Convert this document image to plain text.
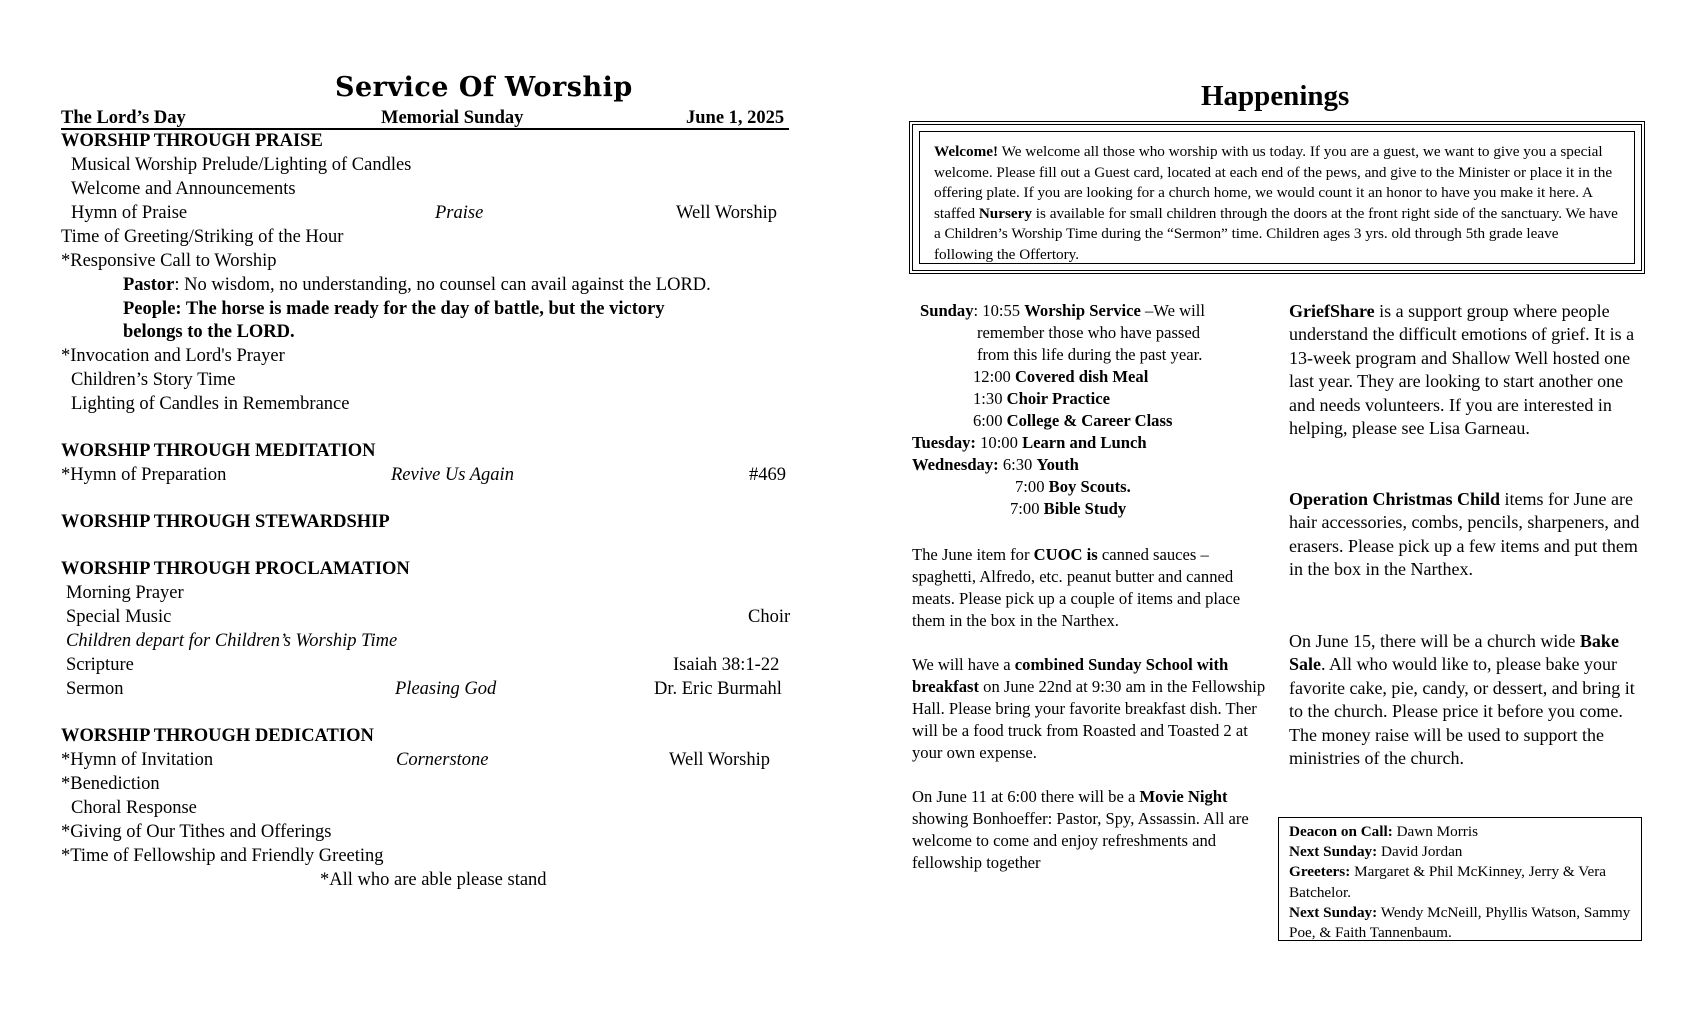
Service Of Worship
The Lord’s Day	Memorial Sunday	June 1, 2025
WORSHIP THROUGH PRAISE
Musical Worship Prelude/Lighting of Candles
Welcome and Announcements
Hymn of Praise	Praise	Well Worship
Time of Greeting/Striking of the Hour
*Responsive Call to Worship
Pastor: No wisdom, no understanding, no counsel can avail against the LORD.
People: The horse is made ready for the day of battle, but the victory
belongs to the LORD.
*Invocation and Lord's Prayer
Children’s Story Time
Lighting of Candles in Remembrance
WORSHIP THROUGH MEDITATION
*Hymn of Preparation	Revive Us Again	#469
WORSHIP THROUGH STEWARDSHIP
WORSHIP THROUGH PROCLAMATION
Morning Prayer
Special Music	Choir
Children depart for Children’s Worship Time
Scripture	Isaiah 38:1-22
Sermon	Pleasing God	Dr. Eric Burmahl
WORSHIP THROUGH DEDICATION
*Hymn of Invitation	Cornerstone	Well Worship
*Benediction
Choral Response
*Giving of Our Tithes and Offerings
*Time of Fellowship and Friendly Greeting
*All who are able please stand
Happenings
Welcome! We welcome all those who worship with us today. If you are a guest, we want to give you a special welcome. Please fill out a Guest card, located at each end of the pews, and give to the Minister or place it in the offering plate. If you are looking for a church home, we would count it an honor to have you make it here. A staffed Nursery is available for small children through the doors at the front right side of the sanctuary. We have a Children’s Worship Time during the “Sermon” time. Children ages 3 yrs. old through 5th grade leave following the Offertory.
Sunday: 10:55 Worship Service –We will
remember those who have passed
from this life during the past year.
12:00 Covered dish Meal
1:30 Choir Practice
6:00 College & Career Class
Tuesday: 10:00 Learn and Lunch
Wednesday: 6:30 Youth
7:00 Boy Scouts.
7:00 Bible Study
The June item for CUOC is canned sauces – spaghetti, Alfredo, etc. peanut butter and canned meats. Please pick up a couple of items and place them in the box in the Narthex.
We will have a combined Sunday School with breakfast on June 22nd at 9:30 am in the Fellowship Hall. Please bring your favorite breakfast dish. Ther will be a food truck from Roasted and Toasted 2 at your own expense.
On June 11 at 6:00 there will be a Movie Night showing Bonhoeffer: Pastor, Spy, Assassin. All are welcome to come and enjoy refreshments and fellowship together
GriefShare is a support group where people understand the difficult emotions of grief. It is a 13-week program and Shallow Well hosted one last year. They are looking to start another one and needs volunteers. If you are interested in helping, please see Lisa Garneau.
Operation Christmas Child items for June are hair accessories, combs, pencils, sharpeners, and erasers. Please pick up a few items and put them in the box in the Narthex.
On June 15, there will be a church wide Bake Sale. All who would like to, please bake your favorite cake, pie, candy, or dessert, and bring it to the church. Please price it before you come. The money raise will be used to support the ministries of the church.
Deacon on Call: Dawn Morris
Next Sunday: David Jordan
Greeters: Margaret & Phil McKinney, Jerry & Vera Batchelor.
Next Sunday: Wendy McNeill, Phyllis Watson, Sammy Poe, & Faith Tannenbaum.
